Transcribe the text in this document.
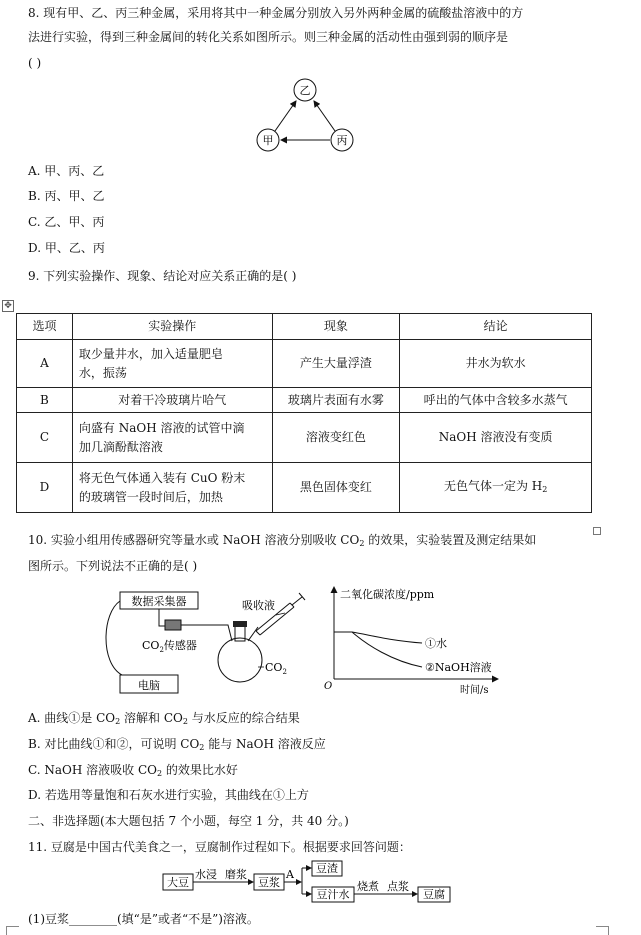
8. 现有甲、乙、丙三种金属，采用将其中一种金属分别放入另外两种金属的硫酸盐溶液中的方
法进行实验，得到三种金属间的转化关系如图所示。则三种金属的活动性由强到弱的顺序是
( )
乙
甲	丙
A. 甲、丙、乙
B. 丙、甲、乙
C. 乙、甲、丙
D. 甲、乙、丙
9. 下列实验操作、现象、结论对应关系正确的是( )
✥
选项	实验操作	现象	结论
A	取少量井水，加入适量肥皂
水，振荡	产生大量浮渣	井水为软水
B	对着干冷玻璃片哈气	玻璃片表面有水雾	呼出的气体中含较多水蒸气
C	向盛有 NaOH 溶液的试管中滴
加几滴酚酞溶液	溶液变红色	NaOH 溶液没有变质
D	将无色气体通入装有 CuO 粉末
的玻璃管一段时间后，加热	黑色固体变红	无色气体一定为 $H_2$
10. 实验小组用传感器研究等量水或 NaOH 溶液分别吸收 $CO_2$ 的效果，实验装置及测定结果如
图所示。下列说法不正确的是( )
数据采集器
电脑
吸收液
$CO_2$传感器
$CO_2$
二氧化碳浓度/ppm
时间/s
O
①水
②NaOH溶液
A. 曲线①是 $CO_2$ 溶解和 $CO_2$ 与水反应的综合结果
B. 对比曲线①和②，可说明 $CO_2$ 能与 NaOH 溶液反应
C. NaOH 溶液吸收 $CO_2$ 的效果比水好
D. 若选用等量饱和石灰水进行实验，其曲线在①上方
二、非选择题(本大题包括 7 个小题，每空 1 分，共 40 分。)
11. 豆腐是中国古代美食之一，豆腐制作过程如下。根据要求回答问题：
大豆
水浸 磨浆
豆浆
A 豆渣
豆汁水
烧煮 点浆
豆腐
(1)豆浆________(填“是”或者“不是”)溶液。
